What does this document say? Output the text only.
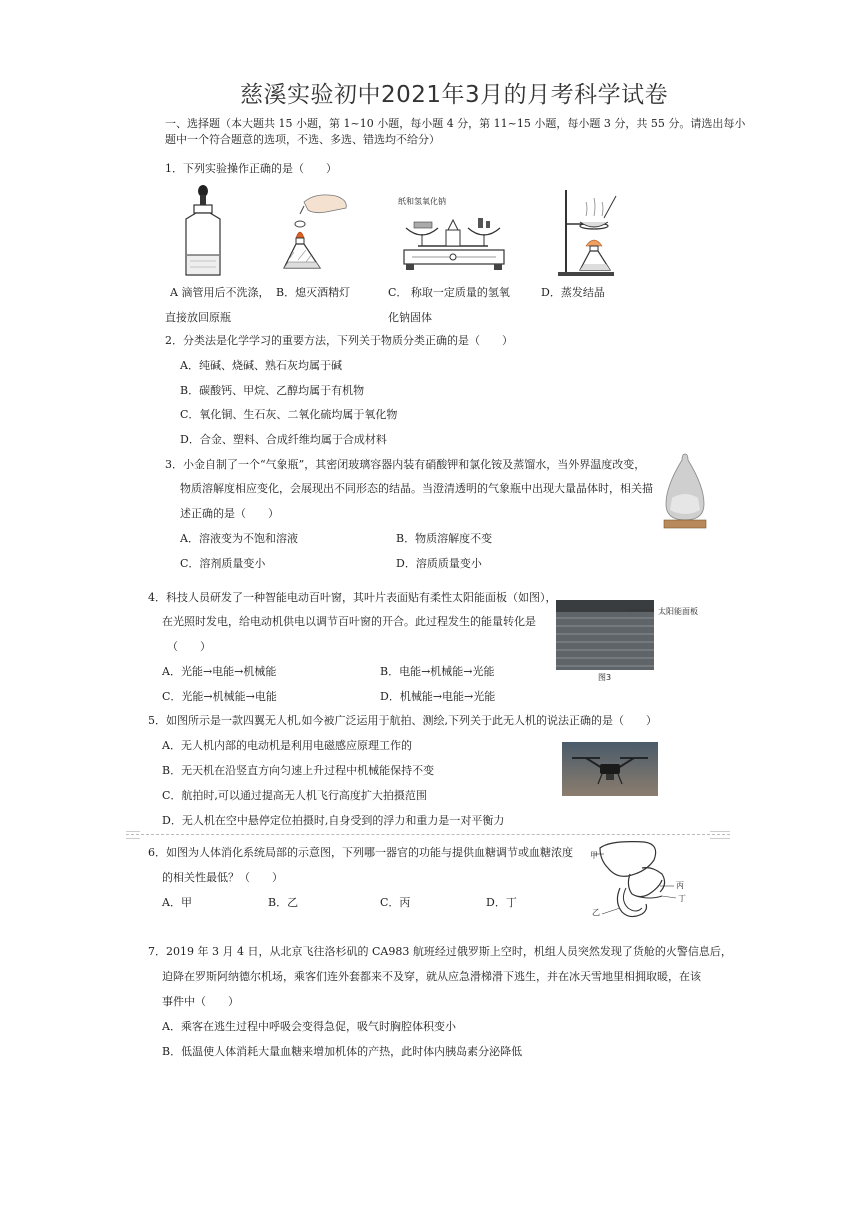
慈溪实验初中2021年3月的月考科学试卷
一、选择题（本大题共 15 小题，第 1~10 小题，每小题 4 分，第 11~15 小题，每小题 3 分，共 55 分。请选出每小
题中一个符合题意的选项，不选、多选、错选均不给分）
1．下列实验操作正确的是（　　）
纸和氢氧化钠
A 滴管用后不洗涤，
直接放回原瓶
B．熄灭酒精灯	C． 称取一定质量的氢氧
化钠固体
D．蒸发结晶
2．分类法是化学学习的重要方法，下列关于物质分类正确的是（　　）
A．纯碱、烧碱、熟石灰均属于碱
B．碳酸钙、甲烷、乙醇均属于有机物
C．氧化铜、生石灰、二氧化硫均属于氧化物
D．合金、塑料、合成纤维均属于合成材料
3．小金自制了一个“气象瓶”，其密闭玻璃容器内装有硝酸钾和氯化铵及蒸馏水，当外界温度改变，
物质溶解度相应变化，会展现出不同形态的结晶。当澄清透明的气象瓶中出现大量晶体时，相关描
述正确的是（　　）
A．溶液变为不饱和溶液	B．物质溶解度不变
C．溶剂质量变小	D．溶质质量变小
4．科技人员研发了一种智能电动百叶窗，其叶片表面贴有柔性太阳能面板（如图），
在光照时发电，给电动机供电以调节百叶窗的开合。此过程发生的能量转化是
（　　）
A．光能→电能→机械能	B．电能→机械能→光能
C．光能→机械能→电能	D．机械能→电能→光能
太阳能面板
图3
5．如图所示是一款四翼无人机,如今被广泛运用于航拍、测绘,下列关于此无人机的说法正确的是（　　）
A．无人机内部的电动机是利用电磁感应原理工作的
B．无天机在沿竖直方向匀速上升过程中机械能保持不变
C．航拍时,可以通过提高无人机飞行高度扩大拍摄范围
D．无人机在空中悬停定位拍摄时,自身受到的浮力和重力是一对平衡力
6．如图为人体消化系统局部的示意图，下列哪一器官的功能与提供血糖调节或血糖浓度
的相关性最低？（　　）
A．甲	B．乙	C．丙	D．丁
甲
丙
丁
乙
7．2019 年 3 月 4 日，从北京飞往洛杉矶的 CA983 航班经过俄罗斯上空时，机组人员突然发现了货舱的火警信息后，
迫降在罗斯阿纳德尔机场，乘客们连外套都来不及穿，就从应急滑梯滑下逃生，并在冰天雪地里相拥取暖，在该
事件中（　　）
A．乘客在逃生过程中呼吸会变得急促，吸气时胸腔体积变小
B．低温使人体消耗大量血糖来增加机体的产热，此时体内胰岛素分泌降低
